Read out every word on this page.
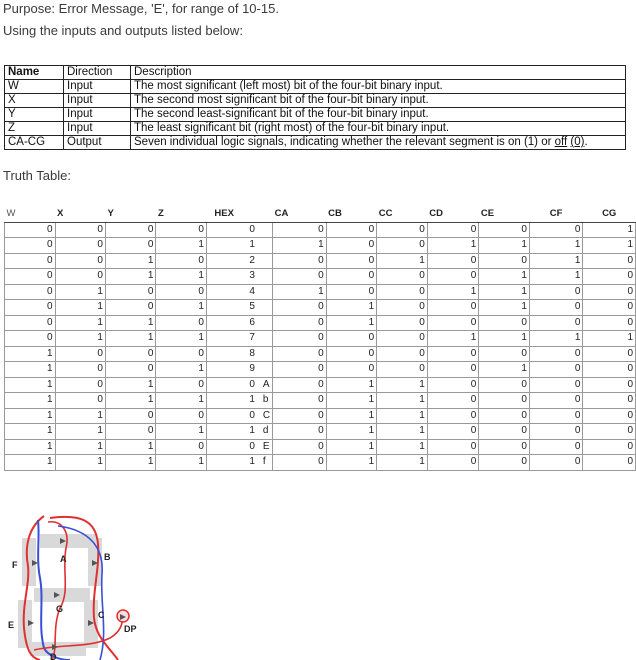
Purpose: Error Message, 'E', for range of 10-15.
Using the inputs and outputs listed below:
Name	Direction	Description
W	Input	The most significant (left most) bit of the four-bit binary input.
X	Input	The second most significant bit of the four-bit binary input.
Y	Input	The second least-significant bit of the four-bit binary input.
Z	Input	The least significant bit (right most) of the four-bit binary input.
CA-CG	Output	Seven individual logic signals, indicating whether the relevant segment is on (1) or off (0).
Truth Table:
W	X	Y	Z	HEX		CA	CB	CC	CD	CE	CF	CG
0	0	0	0	0		0	0	0	0	0	0	1
0	0	0	1	1		1	0	0	1	1	1	1
0	0	1	0	2		0	0	1	0	0	1	0
0	0	1	1	3		0	0	0	0	1	1	0
0	1	0	0	4		1	0	0	1	1	0	0
0	1	0	1	5		0	1	0	0	1	0	0
0	1	1	0	6		0	1	0	0	0	0	0
0	1	1	1	7		0	0	0	1	1	1	1
1	0	0	0	8		0	0	0	0	0	0	0
1	0	0	1	9		0	0	0	0	1	0	0
1	0	1	0	0	A	0	1	1	0	0	0	0
1	0	1	1	1	b	0	1	1	0	0	0	0
1	1	0	0	0	C	0	1	1	0	0	0	0
1	1	0	1	1	d	0	1	1	0	0	0	0
1	1	1	0	0	E	0	1	1	0	0	0	0
1	1	1	1	1	f	0	1	1	0	0	0	0
A	B
C
D
E
F
G
DP
